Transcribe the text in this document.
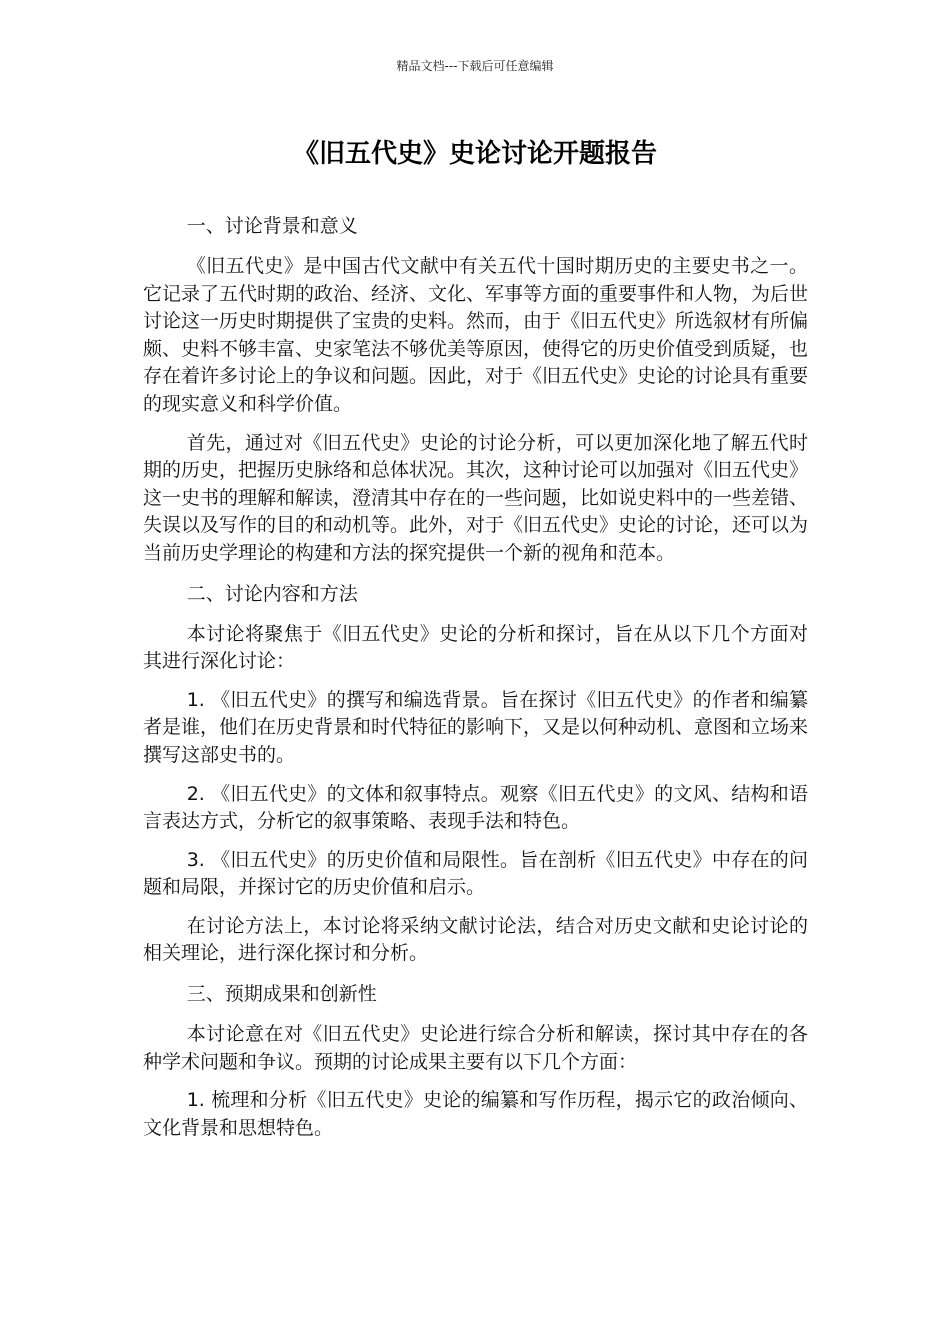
精品文档---下载后可任意编辑
《旧五代史》史论讨论开题报告
一、讨论背景和意义

《旧五代史》是中国古代文献中有关五代十国时期历史的主要史书之一。它记录了五代时期的政治、经济、文化、军事等方面的重要事件和人物，为后世讨论这一历史时期提供了宝贵的史料。然而，由于《旧五代史》所选叙材有所偏颇、史料不够丰富、史家笔法不够优美等原因，使得它的历史价值受到质疑，也存在着许多讨论上的争议和问题。因此，对于《旧五代史》史论的讨论具有重要的现实意义和科学价值。

首先，通过对《旧五代史》史论的讨论分析，可以更加深化地了解五代时期的历史，把握历史脉络和总体状况。其次，这种讨论可以加强对《旧五代史》这一史书的理解和解读，澄清其中存在的一些问题，比如说史料中的一些差错、失误以及写作的目的和动机等。此外，对于《旧五代史》史论的讨论，还可以为当前历史学理论的构建和方法的探究提供一个新的视角和范本。

二、讨论内容和方法

本讨论将聚焦于《旧五代史》史论的分析和探讨，旨在从以下几个方面对其进行深化讨论：

1. 《旧五代史》的撰写和编选背景。旨在探讨《旧五代史》的作者和编纂者是谁，他们在历史背景和时代特征的影响下，又是以何种动机、意图和立场来撰写这部史书的。

2. 《旧五代史》的文体和叙事特点。观察《旧五代史》的文风、结构和语言表达方式，分析它的叙事策略、表现手法和特色。

3. 《旧五代史》的历史价值和局限性。旨在剖析《旧五代史》中存在的问题和局限，并探讨它的历史价值和启示。

在讨论方法上，本讨论将采纳文献讨论法，结合对历史文献和史论讨论的相关理论，进行深化探讨和分析。

三、预期成果和创新性

本讨论意在对《旧五代史》史论进行综合分析和解读，探讨其中存在的各种学术问题和争议。预期的讨论成果主要有以下几个方面：

1. 梳理和分析《旧五代史》史论的编纂和写作历程，揭示它的政治倾向、文化背景和思想特色。
